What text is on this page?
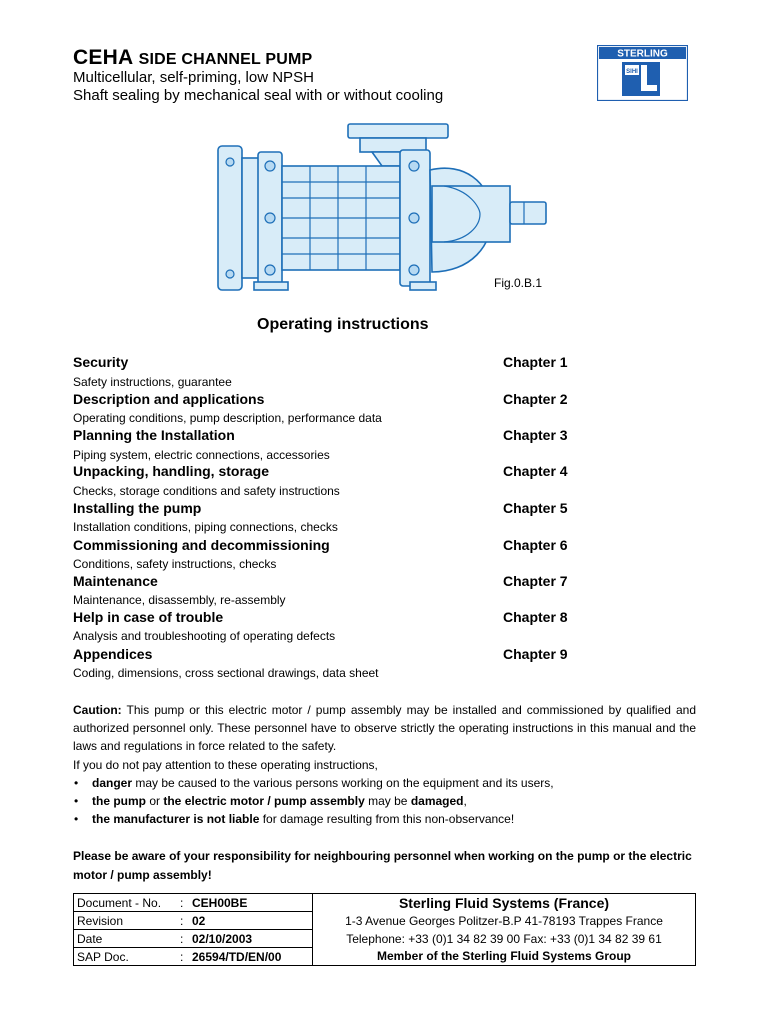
CEHA SIDE CHANNEL PUMP
Multicellular, self-priming, low NPSH
Shaft sealing by mechanical seal with or without cooling
STERLING
SIHI
Fig.0.B.1
Operating instructions
Security	Chapter 1
Safety instructions, guarantee
Description and applications	Chapter 2
Operating conditions, pump description, performance data
Planning the Installation	Chapter 3
Piping system, electric connections, accessories
Unpacking, handling, storage	Chapter 4
Checks, storage conditions and safety instructions
Installing the pump	Chapter 5
Installation conditions, piping connections, checks
Commissioning and decommissioning	Chapter 6
Conditions, safety instructions, checks
Maintenance	Chapter 7
Maintenance, disassembly, re-assembly
Help in case of trouble	Chapter 8
Analysis and troubleshooting of operating defects
Appendices	Chapter 9
Coding, dimensions, cross sectional drawings, data sheet

Caution: This pump or this electric motor / pump assembly may be installed and commissioned by qualified and authorized personnel only. These personnel have to observe strictly the operating instructions in this manual and the laws and regulations in force related to the safety.

If you do not pay attention to these operating instructions,

• danger may be caused to the various persons working on the equipment and its users,
• the pump or the electric motor / pump assembly may be damaged,
• the manufacturer is not liable for damage resulting from this non-observance!
Please be aware of your responsibility for neighbouring personnel when working on the pump or the electric motor / pump assembly!
Document - No.	:	CEH00BE	Sterling Fluid Systems (France)
Revision	:	02	1-3 Avenue Georges Politzer-B.P 41-78193 Trappes France
Date	:	02/10/2003	Telephone: +33 (0)1 34 82 39 00 Fax: +33 (0)1 34 82 39 61
SAP Doc.	:	26594/TD/EN/00	Member of the Sterling Fluid Systems Group
